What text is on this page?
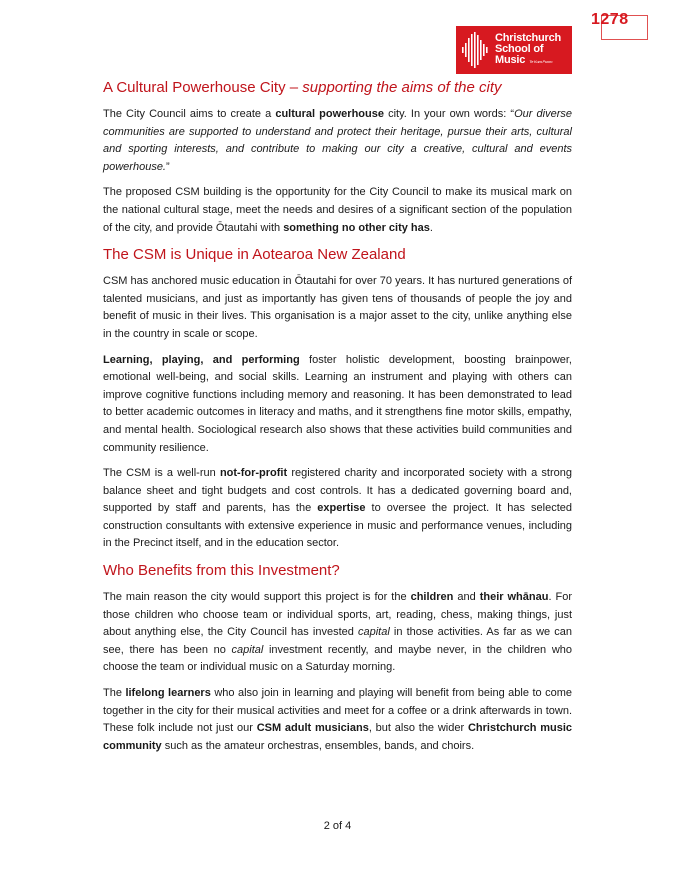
1278
Christchurch
School of
Music Te Kura Puoro
A Cultural Powerhouse City – supporting the aims of the city

The City Council aims to create a cultural powerhouse city. In your own words: “Our diverse communities are supported to understand and protect their heritage, pursue their arts, cultural and sporting interests, and contribute to making our city a creative, cultural and events powerhouse.”

The proposed CSM building is the opportunity for the City Council to make its musical mark on the national cultural stage, meet the needs and desires of a significant section of the population of the city, and provide Ōtautahi with something no other city has.

The CSM is Unique in Aotearoa New Zealand

CSM has anchored music education in Ōtautahi for over 70 years. It has nurtured generations of talented musicians, and just as importantly has given tens of thousands of people the joy and benefit of music in their lives. This organisation is a major asset to the city, unlike anything else in the country in scale or scope.

Learning, playing, and performing foster holistic development, boosting brainpower, emotional well-being, and social skills. Learning an instrument and playing with others can improve cognitive functions including memory and reasoning. It has been demonstrated to lead to better academic outcomes in literacy and maths, and it strengthens fine motor skills, empathy, and mental health. Sociological research also shows that these activities build communities and community resilience.

The CSM is a well-run not-for-profit registered charity and incorporated society with a strong balance sheet and tight budgets and cost controls. It has a dedicated governing board and, supported by staff and parents, has the expertise to oversee the project. It has selected construction consultants with extensive experience in music and performance venues, including in the Precinct itself, and in the education sector.

Who Benefits from this Investment?

The main reason the city would support this project is for the children and their whānau. For those children who choose team or individual sports, art, reading, chess, making things, just about anything else, the City Council has invested capital in those activities. As far as we can see, there has been no capital investment recently, and maybe never, in the children who choose the team or individual music on a Saturday morning.

The lifelong learners who also join in learning and playing will benefit from being able to come together in the city for their musical activities and meet for a coffee or a drink afterwards in town. These folk include not just our CSM adult musicians, but also the wider Christchurch music community such as the amateur orchestras, ensembles, bands, and choirs.

2 of 4
